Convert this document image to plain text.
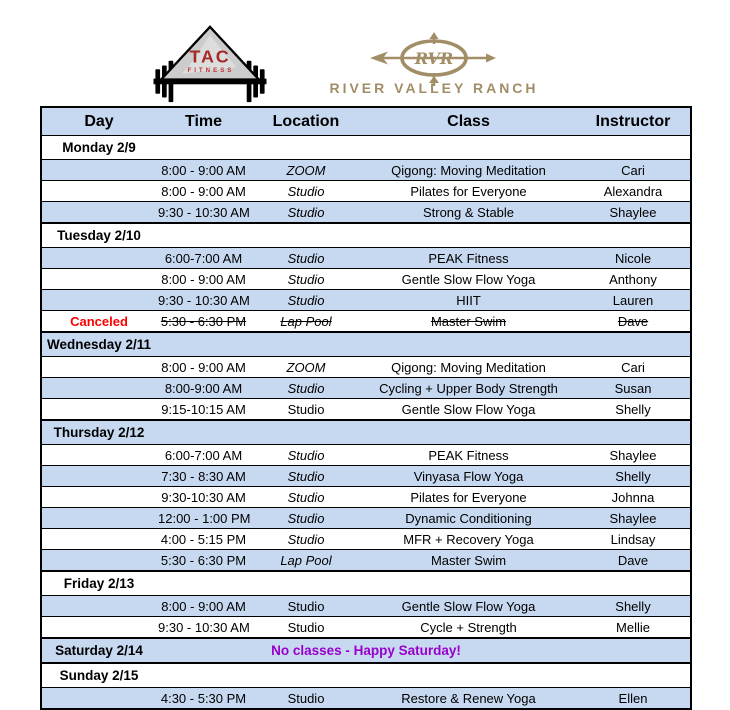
TAC
FITNESS
RVR
RIVER VALLEY RANCH
Day	Time	Location	Class	Instructor
Monday 2/9				
	8:00 - 9:00 AM	ZOOM	Qigong: Moving Meditation	Cari
	8:00 - 9:00 AM	Studio	Pilates for Everyone	Alexandra
	9:30 - 10:30 AM	Studio	Strong & Stable	Shaylee
Tuesday 2/10				
	6:00-7:00 AM	Studio	PEAK Fitness	Nicole
	8:00 - 9:00 AM	Studio	Gentle Slow Flow Yoga	Anthony
	9:30 - 10:30 AM	Studio	HIIT	Lauren
Canceled	5:30 - 6:30 PM	Lap Pool	Master Swim	Dave
Wednesday 2/11				
	8:00 - 9:00 AM	ZOOM	Qigong: Moving Meditation	Cari
	8:00-9:00 AM	Studio	Cycling + Upper Body Strength	Susan
	9:15-10:15 AM	Studio	Gentle Slow Flow Yoga	Shelly
Thursday 2/12				
	6:00-7:00 AM	Studio	PEAK Fitness	Shaylee
	7:30 - 8:30 AM	Studio	Vinyasa Flow Yoga	Shelly
	9:30-10:30 AM	Studio	Pilates for Everyone	Johnna
	12:00 - 1:00 PM	Studio	Dynamic Conditioning	Shaylee
	4:00 - 5:15 PM	Studio	MFR + Recovery Yoga	Lindsay
	5:30 - 6:30 PM	Lap Pool	Master Swim	Dave
Friday 2/13				
	8:00 - 9:00 AM	Studio	Gentle Slow Flow Yoga	Shelly
	9:30 - 10:30 AM	Studio	Cycle + Strength	Mellie
Saturday 2/14	No classes - Happy Saturday!			
Sunday 2/15				
	4:30 - 5:30 PM	Studio	Restore & Renew Yoga	Ellen
